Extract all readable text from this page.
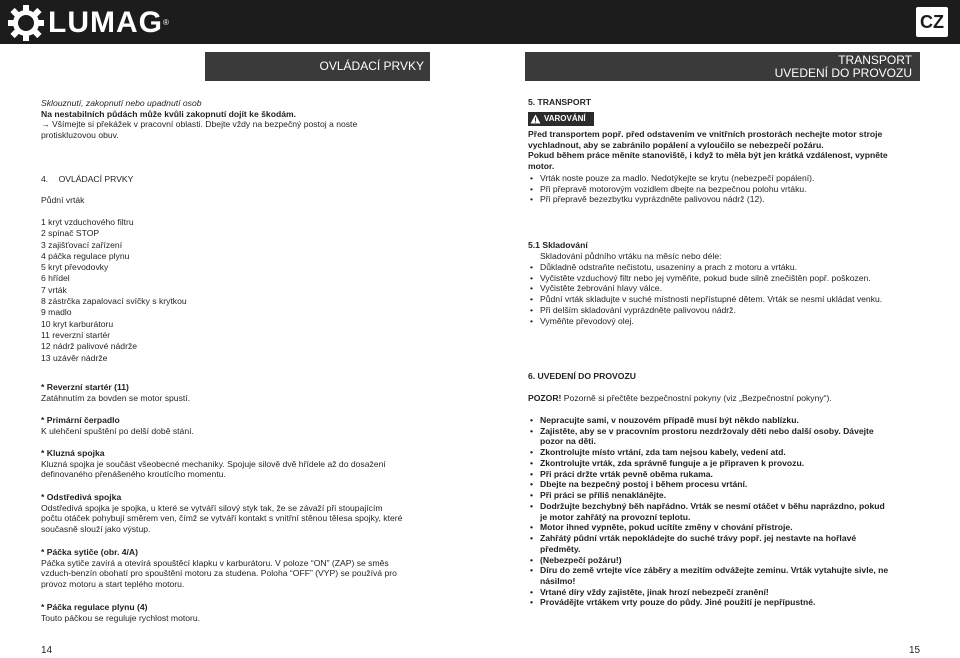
LUMAG ®	CZ
OVLÁDACÍ PRVKY	TRANSPORT
UVEDENÍ DO PROVOZU
Sklouznutí, zakopnutí nebo upadnutí osob
Na nestabilních půdách může kvůli zakopnutí dojít ke škodám.
→ Všímejte si překážek v pracovní oblasti. Dbejte vždy na bezpečný postoj a noste
protiskluzovou obuv.
4. OVLÁDACÍ PRVKY
Půdní vrták
1 kryt vzduchového filtru
2 spínač STOP
3 zajišťovací zařízení
4 páčka regulace plynu
5 kryt převodovky
6 hřídel
7 vrták
8 zástrčka zapalovací svíčky s krytkou
9 madlo
10 kryt karburátoru
11 reverzní startér
12 nádrž palivové nádrže
13 uzávěr nádrže
* Reverzní startér (11)
Zatáhnutím za bovden se motor spustí.
* Primární čerpadlo
K ulehčení spuštění po delší době stání.
* Kluzná spojka
Kluzná spojka je součást všeobecné mechaniky. Spojuje silově dvě hřídele až do dosažení
definovaného přenášeného kroutícího momentu.
* Odstředivá spojka
Odstředivá spojka je spojka, u které se vytváří silový styk tak, že se závaží při stoupajícím
počtu otáček pohybují směrem ven, čímž se vytváří kontakt s vnitřní stěnou tělesa spojky, které
současně slouží jako výstup.
* Páčka sytiče (obr. 4/A)
Páčka sytiče zavírá a otevírá spouštěcí klapku v karburátoru. V poloze “ON” (ZAP) se směs
vzduch-benzín obohatí pro spouštění motoru za studena. Poloha “OFF” (VYP) se používá pro
provoz motoru a start teplého motoru.
* Páčka regulace plynu (4)
Touto páčkou se reguluje rychlost motoru.
14
5. TRANSPORT
VAROVÁNÍ
Před transportem popř. před odstavením ve vnitřních prostorách nechejte motor stroje
vychladnout, aby se zabránilo popálení a vyloučilo se nebezpečí požáru.
Pokud během práce měníte stanoviště, i když to měla být jen krátká vzdálenost, vypněte
motor.
• Vrták noste pouze za madlo. Nedotýkejte se krytu (nebezpečí popálení).
• Při přepravě motorovým vozidlem dbejte na bezpečnou polohu vrtáku.
• Při přepravě bezezbytku vyprázdněte palivovou nádrž (12).
5.1 Skladování
Skladování půdního vrtáku na měsíc nebo déle:
• Důkladně odstraňte nečistotu, usazeniny a prach z motoru a vrtáku.
• Vyčistěte vzduchový filtr nebo jej vyměňte, pokud bude silně znečištěn popř. poškozen.
• Vyčistěte žebrování hlavy válce.
• Půdní vrták skladujte v suché místnosti nepřístupné dětem. Vrták se nesmí ukládat venku.
• Při delším skladování vyprázdněte palivovou nádrž.
• Vyměňte převodový olej.
6. UVEDENÍ DO PROVOZU
POZOR! Pozorně si přečtěte bezpečnostní pokyny (viz „Bezpečnostní pokyny“).
• Nepracujte sami, v nouzovém případě musí být někdo nablízku.
• Zajistěte, aby se v pracovním prostoru nezdržovaly děti nebo další osoby. Dávejte
pozor na děti.
• Zkontrolujte místo vrtání, zda tam nejsou kabely, vedení atd.
• Zkontrolujte vrták, zda správně funguje a je připraven k provozu.
• Při práci držte vrták pevně oběma rukama.
• Dbejte na bezpečný postoj i během procesu vrtání.
• Při práci se příliš nenaklánějte.
• Dodržujte bezchybný běh napřádno. Vrták se nesmí otáčet v běhu naprázdno, pokud
je motor zahřátý na provozní teplotu.
• Motor ihned vypněte, pokud ucítíte změny v chování přístroje.
• Zahřátý půdní vrták nepokládejte do suché trávy popř. jej nestavte na hořlavé
předměty.
• (Nebezpečí požáru!)
• Díru do země vrtejte více záběry a mezitím odvážejte zeminu. Vrták vytahujte sivle, ne
násilmo!
• Vrtané díry vždy zajistěte, jinak hrozí nebezpečí zranění!
• Provádějte vrtákem vrty pouze do půdy. Jiné použití je nepřípustné.
15
